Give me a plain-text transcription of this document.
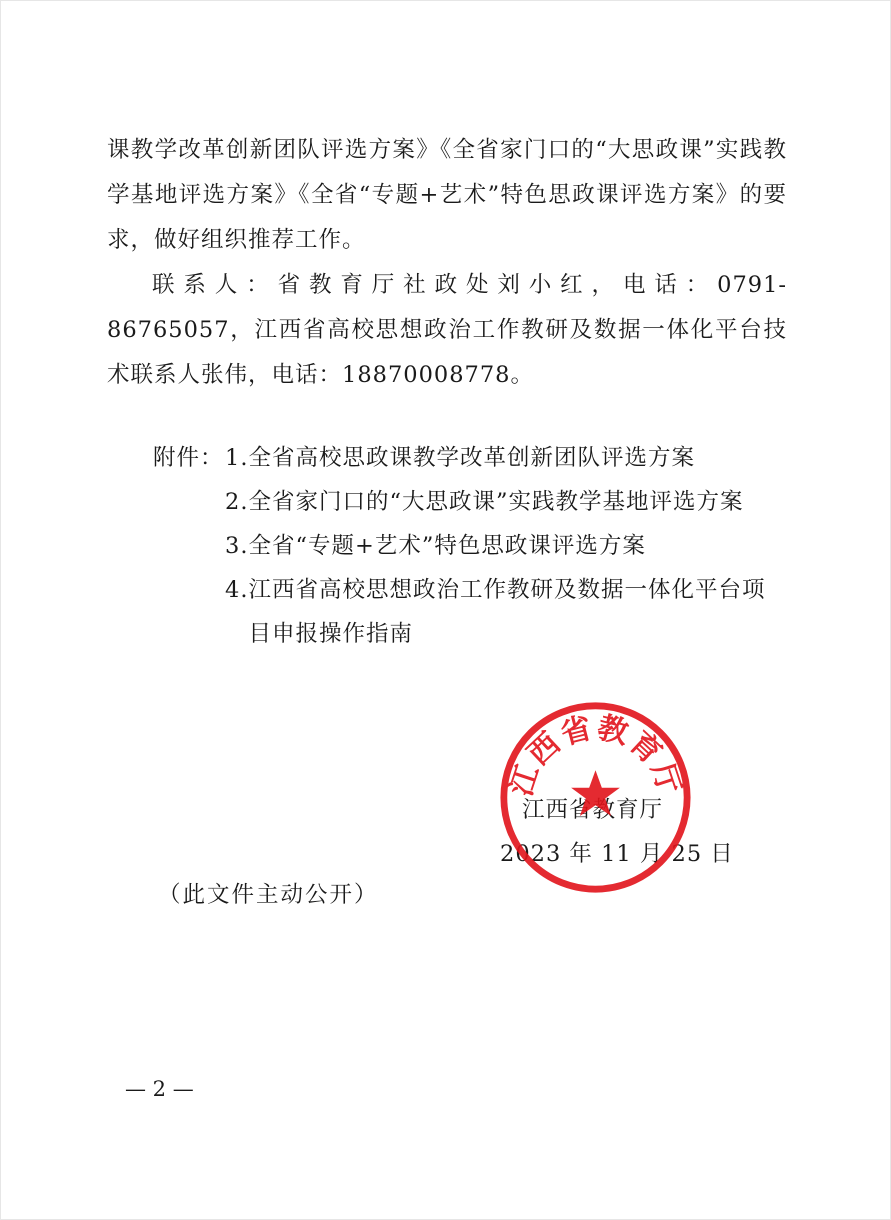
课教学改革创新团队评选方案》《全省家门口的“大思政课”实践教学基地评选方案》《全省“专题+艺术”特色思政课评选方案》的要求，做好组织推荐工作。

联系人：省教育厅社政处刘小红，电话：0791-86765057，江西省高校思想政治工作教研及数据一体化平台技术联系人张伟，电话：18870008778。

附件： 1. 全省高校思政课教学改革创新团队评选方案
2. 全省家门口的“大思政课”实践教学基地评选方案
3. 全省“专题+艺术”特色思政课评选方案
4. 江西省高校思想政治工作教研及数据一体化平台项目申报操作指南
江西省教育厅
2023 年 11 月 25 日
江西省教育厅
（此文件主动公开）
— 2 —
